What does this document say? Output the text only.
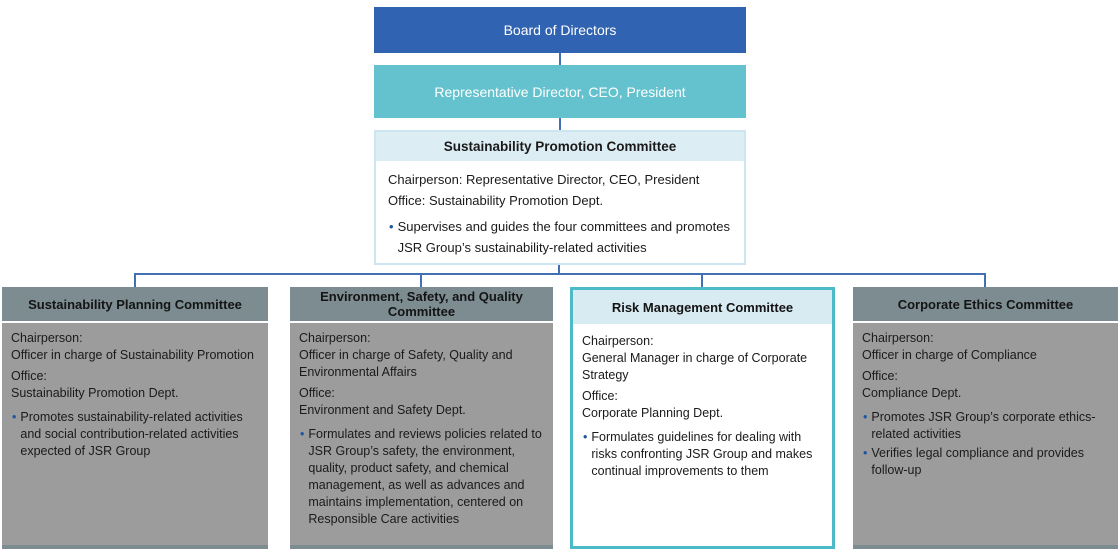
Board of Directors
Representative Director, CEO, President
Sustainability Promotion Committee
Chairperson: Representative Director, CEO, President
Office: Sustainability Promotion Dept.
• Supervises and guides the four committees and promotes JSR Group’s sustainability-related activities
Sustainability Planning Committee
Chairperson:
Officer in charge of Sustainability Promotion
Office:
Sustainability Promotion Dept.
• Promotes sustainability-related activities and social contribution-related activities expected of JSR Group
Environment, Safety, and Quality Committee
Chairperson:
Officer in charge of Safety, Quality and Environmental Affairs
Office:
Environment and Safety Dept.
• Formulates and reviews policies related to JSR Group’s safety, the environment, quality, product safety, and chemical management, as well as advances and maintains implementation, centered on Responsible Care activities
Risk Management Committee
Chairperson:
General Manager in charge of Corporate Strategy
Office:
Corporate Planning Dept.
• Formulates guidelines for dealing with risks confronting JSR Group and makes continual improvements to them
Corporate Ethics Committee
Chairperson:
Officer in charge of Compliance
Office:
Compliance Dept.
• Promotes JSR Group’s corporate ethics-related activities
• Verifies legal compliance and provides follow-up
